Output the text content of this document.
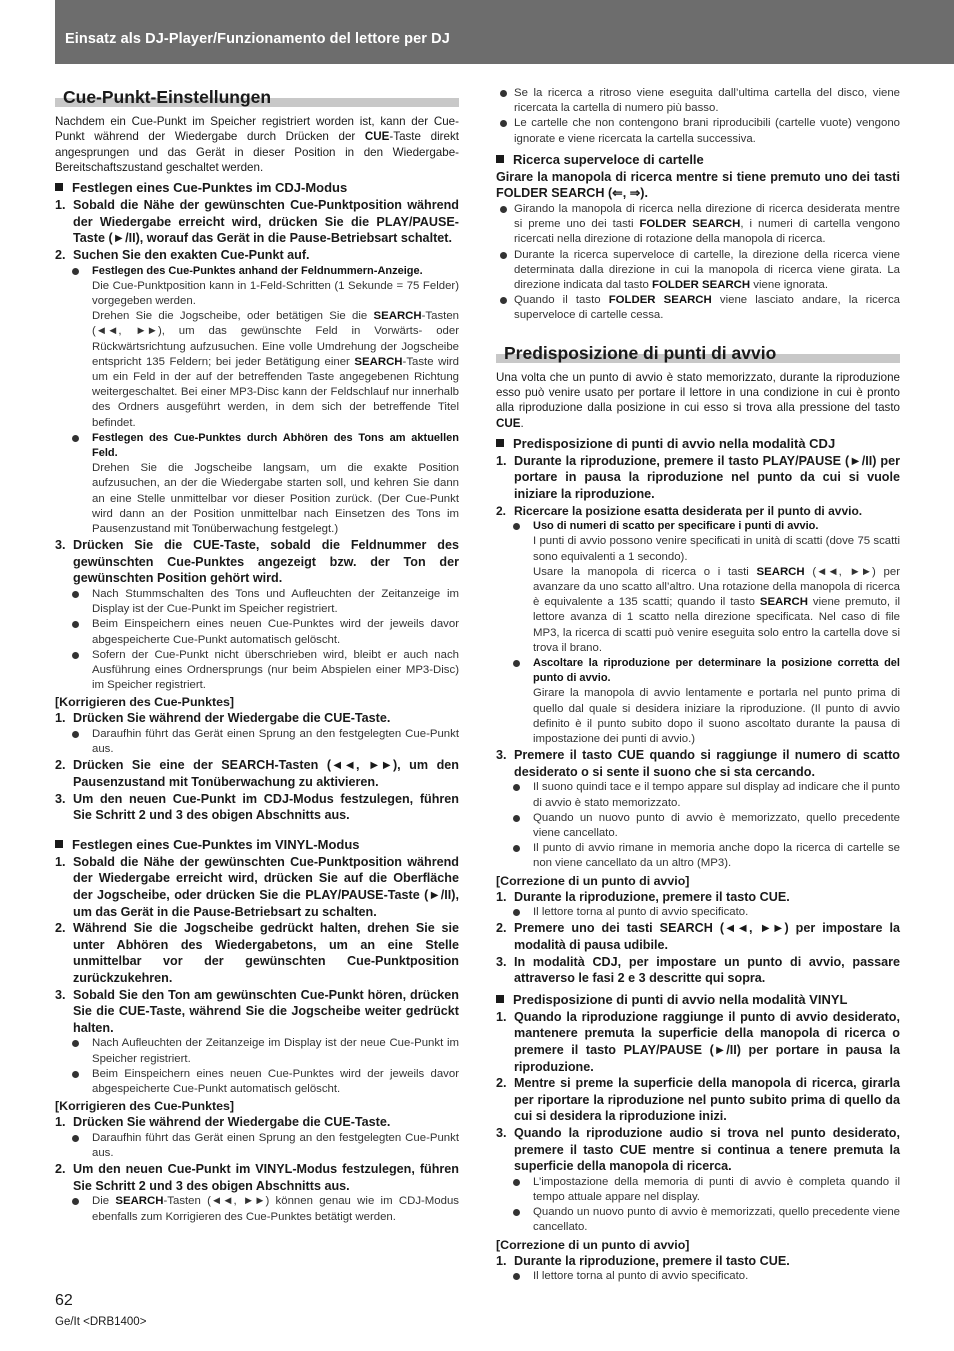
Einsatz als DJ-Player/Funzionamento del lettore per DJ
Cue-Punkt-Einstellungen

Nachdem ein Cue-Punkt im Speicher registriert worden ist, kann der Cue-Punkt während der Wiedergabe durch Drücken der CUE-Taste direkt angesprungen und das Gerät in dieser Position in den Wiedergabe-Bereitschaftszustand geschaltet werden.

Festlegen eines Cue-Punktes im CDJ-Modus
1. Sobald die Nähe der gewünschten Cue-Punktposition während der Wiedergabe erreicht wird, drücken Sie die PLAY/PAUSE-Taste (►/II), worauf das Gerät in die Pause-Betriebsart schaltet.
2. Suchen Sie den exakten Cue-Punkt auf.
Festlegen des Cue-Punktes anhand der Feldnummern-Anzeige.
Die Cue-Punktposition kann in 1-Feld-Schritten (1 Sekunde = 75 Felder) vorgegeben werden.
Drehen Sie die Jogscheibe, oder betätigen Sie die SEARCH-Tasten (◄◄, ►►), um das gewünschte Feld in Vorwärts- oder Rückwärtsrichtung aufzusuchen. Eine volle Umdrehung der Jogscheibe entspricht 135 Feldern; bei jeder Betätigung einer SEARCH-Taste wird um ein Feld in der auf der betreffenden Taste angegebenen Richtung weitergeschaltet. Bei einer MP3-Disc kann der Feldschlauf nur innerhalb des Ordners ausgeführt werden, in dem sich der betreffende Titel befindet.
Festlegen des Cue-Punktes durch Abhören des Tons am aktuellen Feld.
Drehen Sie die Jogscheibe langsam, um die exakte Position aufzusuchen, an der die Wiedergabe starten soll, und kehren Sie dann an eine Stelle unmittelbar vor dieser Position zurück. (Der Cue-Punkt wird dann an der Position unmittelbar nach Einsetzen des Tons im Pausenzustand mit Tonüberwachung festgelegt.)
3. Drücken Sie die CUE-Taste, sobald die Feldnummer des gewünschten Cue-Punktes angezeigt bzw. der Ton der gewünschten Position gehört wird.
Nach Stummschalten des Tons und Aufleuchten der Zeitanzeige im Display ist der Cue-Punkt im Speicher registriert.
Beim Einspeichern eines neuen Cue-Punktes wird der jeweils davor abgespeicherte Cue-Punkt automatisch gelöscht.
Sofern der Cue-Punkt nicht überschrieben wird, bleibt er auch nach Ausführung eines Ordnersprungs (nur beim Abspielen einer MP3-Disc) im Speicher registriert.
[Korrigieren des Cue-Punktes]
1. Drücken Sie während der Wiedergabe die CUE-Taste.
Daraufhin führt das Gerät einen Sprung an den festgelegten Cue-Punkt aus.
2. Drücken Sie eine der SEARCH-Tasten (◄◄, ►►), um den Pausenzustand mit Tonüberwachung zu aktivieren.
3. Um den neuen Cue-Punkt im CDJ-Modus festzulegen, führen Sie Schritt 2 und 3 des obigen Abschnitts aus.
Festlegen eines Cue-Punktes im VINYL-Modus
1. Sobald die Nähe der gewünschten Cue-Punktposition während der Wiedergabe erreicht wird, drücken Sie auf die Oberfläche der Jogscheibe, oder drücken Sie die PLAY/PAUSE-Taste (►/II), um das Gerät in die Pause-Betriebsart zu schalten.
2. Während Sie die Jogscheibe gedrückt halten, drehen Sie sie unter Abhören des Wiedergabetons, um an eine Stelle unmittelbar vor der gewünschten Cue-Punktposition zurückzukehren.
3. Sobald Sie den Ton am gewünschten Cue-Punkt hören, drücken Sie die CUE-Taste, während Sie die Jogscheibe weiter gedrückt halten.
Nach Aufleuchten der Zeitanzeige im Display ist der neue Cue-Punkt im Speicher registriert.
Beim Einspeichern eines neuen Cue-Punktes wird der jeweils davor abgespeicherte Cue-Punkt automatisch gelöscht.
[Korrigieren des Cue-Punktes]
1. Drücken Sie während der Wiedergabe die CUE-Taste.
Daraufhin führt das Gerät einen Sprung an den festgelegten Cue-Punkt aus.
2. Um den neuen Cue-Punkt im VINYL-Modus festzulegen, führen Sie Schritt 2 und 3 des obigen Abschnitts aus.
Die SEARCH-Tasten (◄◄, ►►) können genau wie im CDJ-Modus ebenfalls zum Korrigieren des Cue-Punktes betätigt werden.
Se la ricerca a ritroso viene eseguita dall’ultima cartella del disco, viene ricercata la cartella di numero più basso.
Le cartelle che non contengono brani riproducibili (cartelle vuote) vengono ignorate e viene ricercata la cartella successiva.
Ricerca superveloce di cartelle

Girare la manopola di ricerca mentre si tiene premuto uno dei tasti FOLDER SEARCH (⇐, ⇒).

Girando la manopola di ricerca nella direzione di ricerca desiderata mentre si preme uno dei tasti FOLDER SEARCH, i numeri di cartella vengono ricercati nella direzione di rotazione della manopola di ricerca.
Durante la ricerca superveloce di cartelle, la direzione della ricerca viene determinata dalla direzione in cui la manopola di ricerca viene girata. La direzione indicata dal tasto FOLDER SEARCH viene ignorata.
Quando il tasto FOLDER SEARCH viene lasciato andare, la ricerca superveloce di cartelle cessa.
Predisposizione di punti di avvio

Una volta che un punto di avvio è stato memorizzato, durante la riproduzione esso può venire usato per portare il lettore in una condizione in cui è pronto alla riproduzione dalla posizione in cui esso si trova alla pressione del tasto CUE.

Predisposizione di punti di avvio nella modalità CDJ
1. Durante la riproduzione, premere il tasto PLAY/PAUSE (►/II) per portare in pausa la riproduzione nel punto da cui si vuole iniziare la riproduzione.
2. Ricercare la posizione esatta desiderata per il punto di avvio.
Uso di numeri di scatto per specificare i punti di avvio.
I punti di avvio possono venire specificati in unità di scatti (dove 75 scatti sono equivalenti a 1 secondo).
Usare la manopola di ricerca o i tasti SEARCH (◄◄, ►►) per avanzare da uno scatto all’altro. Una rotazione della manopola di ricerca è equivalente a 135 scatti; quando il tasto SEARCH viene premuto, il lettore avanza di 1 scatto nella direzione specificata. Nel caso di file MP3, la ricerca di scatti può venire eseguita solo entro la cartella dove si trova il brano.
Ascoltare la riproduzione per determinare la posizione corretta del punto di avvio.
Girare la manopola di avvio lentamente e portarla nel punto prima di quello dal quale si desidera iniziare la riproduzione. (Il punto di avvio definito è il punto subito dopo il suono ascoltato durante la pausa di impostazione dei punti di avvio.)
3. Premere il tasto CUE quando si raggiunge il numero di scatto desiderato o si sente il suono che si sta cercando.
Il suono quindi tace e il tempo appare sul display ad indicare che il punto di avvio è stato memorizzato.
Quando un nuovo punto di avvio è memorizzato, quello precedente viene cancellato.
Il punto di avvio rimane in memoria anche dopo la ricerca di cartelle se non viene cancellato da un altro (MP3).
[Correzione di un punto di avvio]
1. Durante la riproduzione, premere il tasto CUE.
Il lettore torna al punto di avvio specificato.
2. Premere uno dei tasti SEARCH (◄◄, ►►) per impostare la modalità di pausa udibile.
3. In modalità CDJ, per impostare un punto di avvio, passare attraverso le fasi 2 e 3 descritte qui sopra.
Predisposizione di punti di avvio nella modalità VINYL
1. Quando la riproduzione raggiunge il punto di avvio desiderato, mantenere premuta la superficie della manopola di ricerca o premere il tasto PLAY/PAUSE (►/II) per portare in pausa la riproduzione.
2. Mentre si preme la superficie della manopola di ricerca, girarla per riportare la riproduzione nel punto subito prima di quello da cui si desidera la riproduzione inizi.
3. Quando la riproduzione audio si trova nel punto desiderato, premere il tasto CUE mentre si continua a tenere premuta la superficie della manopola di ricerca.
L’impostazione della memoria di punti di avvio è completa quando il tempo attuale appare nel display.
Quando un nuovo punto di avvio è memorizzati, quello precedente viene cancellato.
[Correzione di un punto di avvio]
1. Durante la riproduzione, premere il tasto CUE.
Il lettore torna al punto di avvio specificato.
62
Ge/It <DRB1400>
